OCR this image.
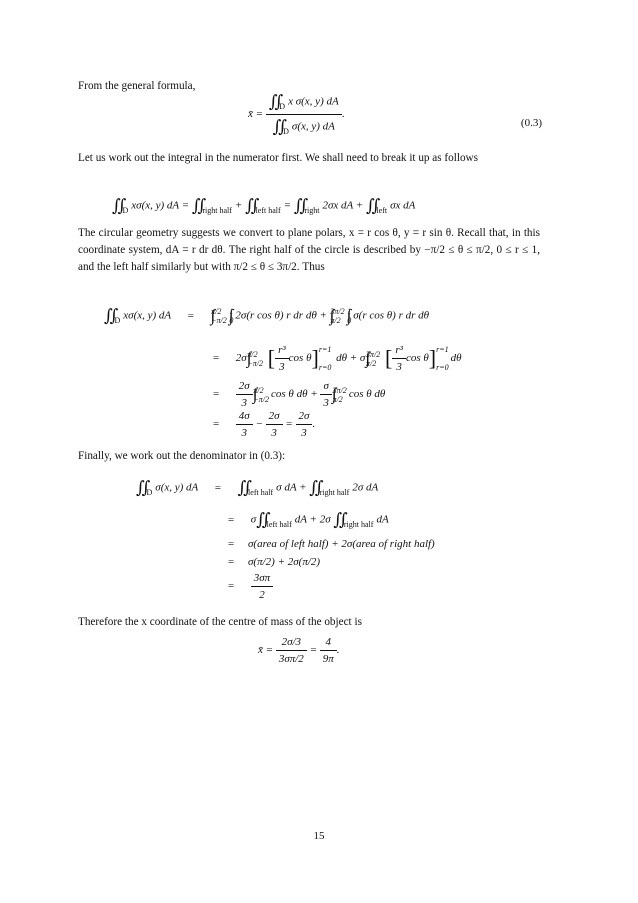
From the general formula,
x̄ = $\frac{∬_D x \sigma(x, y) dA}{∬_D \sigma(x, y) dA}$ .
(0.3)
Let us work out the integral in the numerator first. We shall need to break it up as follows
$∬_D$ xσ(x, y) dA = $∬_{right half}$ + $∬_{left half}$ = $∬_{right}$ 2σx dA + $∬_{left}$ σx dA
The circular geometry suggests we convert to plane polars, x = r cos θ, y = r sin θ. Recall that, in this coordinate system, dA = r dr dθ. The right half of the circle is described by −π/2 ≤ θ ≤ π/2, 0 ≤ r ≤ 1, and the left half similarly but with π/2 ≤ θ ≤ 3π/2. Thus
$∬_D$ xσ(x, y) dA = ∫ π/2
−π/2 ∫ 1
0 2σ(r cos θ) r dr dθ + ∫ 3π/2
π/2 ∫ 1
0 σ(r cos θ) r dr dθ
= 2σ∫ π/2
−π/2 [ $\frac{\text{r³}}{3}$ cos θ] r=1

r=0
dθ + σ∫ 3π/2
π/2 [ $\frac{\text{r³}}{3}$ cos θ] r=1

r=0
dθ
= $\frac{2\sigma}{3}$ ∫ π/2
−π/2 cos θ $d\theta + \frac{\sigma}{3}$ ∫ 3π/2
π/2 cos θ dθ
= $\frac{4\sigma}{3} - \frac{2\sigma}{3} = \frac{2\sigma}{3}$ .
Finally, we work out the denominator in (0.3):
$∬_D$ σ(x, y) dA = $∬_{left half}$ σ dA + $∬_{right half}$ 2σ dA
= $\sigma∬_{left half}$ dA + 2σ $∬_{right half}$ dA
= σ(area of left half) + 2σ(area of right half)
= σ(π/2) + 2σ(π/2)
= $\frac{3\sigma\pi}{2}$
Therefore the x coordinate of the centre of mass of the object is
x̄ = $\frac{2\sigma/3}{3\sigma\pi/2} = \frac{4}{9\pi}$ .
15
